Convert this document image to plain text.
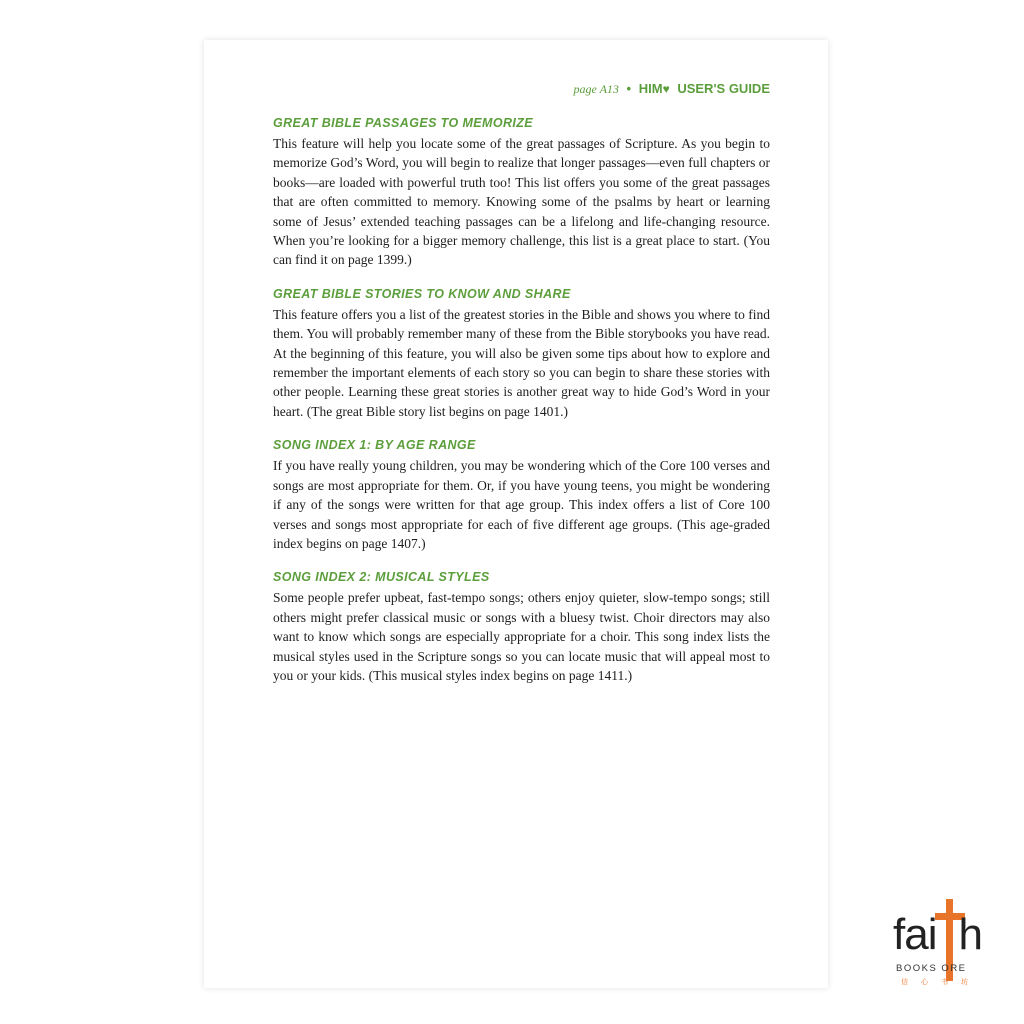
page A13 • HIM♥ USER'S GUIDE
GREAT BIBLE PASSAGES TO MEMORIZE

This feature will help you locate some of the great passages of Scripture. As you begin to memorize God’s Word, you will begin to realize that longer passages—even full chapters or books—are loaded with powerful truth too! This list offers you some of the great passages that are often committed to memory. Knowing some of the psalms by heart or learning some of Jesus’ extended teaching passages can be a lifelong and life-changing resource. When you’re looking for a bigger memory challenge, this list is a great place to start. (You can find it on page 1399.)

GREAT BIBLE STORIES TO KNOW AND SHARE

This feature offers you a list of the greatest stories in the Bible and shows you where to find them. You will probably remember many of these from the Bible storybooks you have read. At the beginning of this feature, you will also be given some tips about how to explore and remember the important elements of each story so you can begin to share these stories with other people. Learning these great stories is another great way to hide God’s Word in your heart. (The great Bible story list begins on page 1401.)

SONG INDEX 1: BY AGE RANGE

If you have really young children, you may be wondering which of the Core 100 verses and songs are most appropriate for them. Or, if you have young teens, you might be wondering if any of the songs were written for that age group. This index offers a list of Core 100 verses and songs most appropriate for each of five different age groups. (This age-graded index begins on page 1407.)

SONG INDEX 2: MUSICAL STYLES

Some people prefer upbeat, fast-tempo songs; others enjoy quieter, slow-tempo songs; still others might prefer classical music or songs with a bluesy twist. Choir directors may also want to know which songs are especially appropriate for a choir. This song index lists the musical styles used in the Scripture songs so you can locate music that will appeal most to you or your kids. (This musical styles index begins on page 1411.)

fai h
BOOKS ORE
信心书坊
